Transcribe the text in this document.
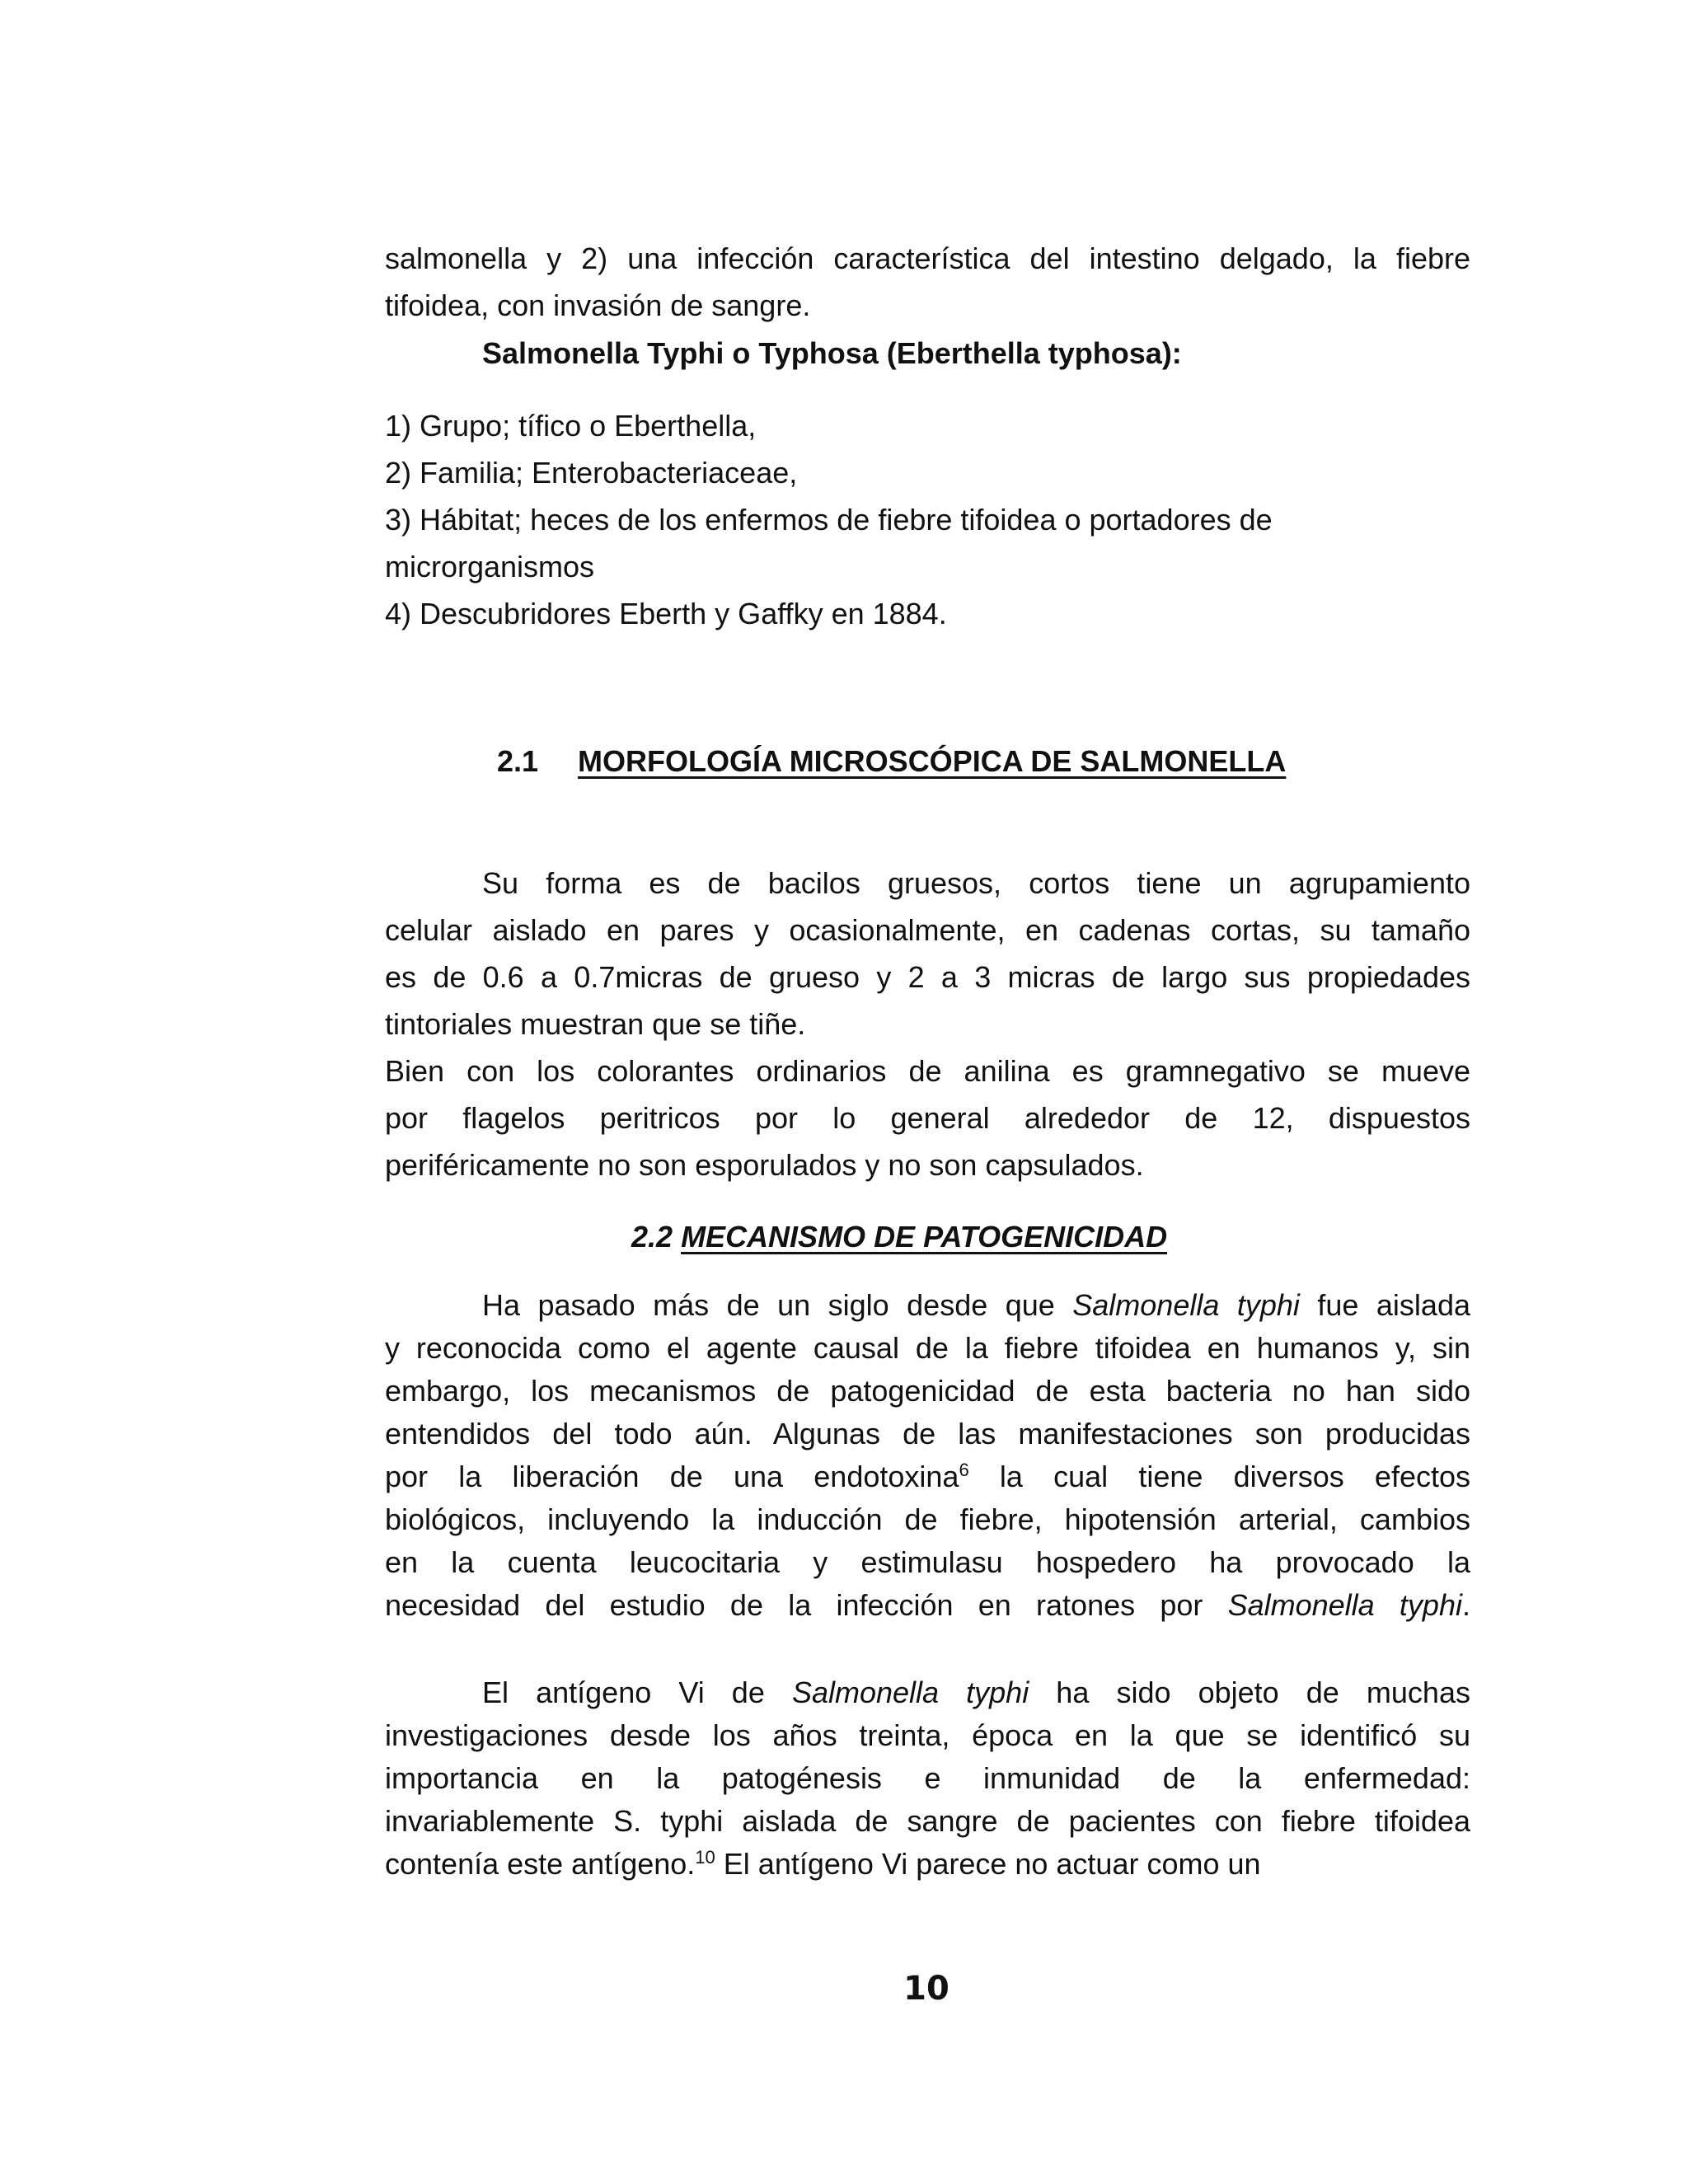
salmonella y 2) una infección característica del intestino delgado, la fiebre
tifoidea, con invasión de sangre.
Salmonella Typhi o Typhosa (Eberthella typhosa):
1) Grupo; tífico o Eberthella,
2) Familia; Enterobacteriaceae,
3) Hábitat; heces de los enfermos de fiebre tifoidea o portadores de
microrganismos
4) Descubridores Eberth y Gaffky en 1884.
2.1 MORFOLOGÍA MICROSCÓPICA DE SALMONELLA
Su forma es de bacilos gruesos, cortos tiene un agrupamiento
celular aislado en pares y ocasionalmente, en cadenas cortas, su tamaño
es de 0.6 a 0.7micras de grueso y 2 a 3 micras de largo sus propiedades
tintoriales muestran que se tiñe.
Bien con los colorantes ordinarios de anilina es gramnegativo se mueve
por flagelos peritricos por lo general alrededor de 12, dispuestos
periféricamente no son esporulados y no son capsulados.
2.2 MECANISMO DE PATOGENICIDAD
Ha pasado más de un siglo desde que Salmonella typhi fue aislada
y reconocida como el agente causal de la fiebre tifoidea en humanos y, sin
embargo, los mecanismos de patogenicidad de esta bacteria no han sido
entendidos del todo aún. Algunas de las manifestaciones son producidas
por la liberación de una endotoxina$^6$ la cual tiene diversos efectos
biológicos, incluyendo la inducción de fiebre, hipotensión arterial, cambios
en la cuenta leucocitaria y estimulasu hospedero ha provocado la
necesidad del estudio de la infección en ratones por Salmonella typhi.
El antígeno Vi de Salmonella typhi ha sido objeto de muchas
investigaciones desde los años treinta, época en la que se identificó su
importancia en la patogénesis e inmunidad de la enfermedad:
invariablemente S. typhi aislada de sangre de pacientes con fiebre tifoidea
contenía este antígeno.$^{10}$ El antígeno Vi parece no actuar como un
10
